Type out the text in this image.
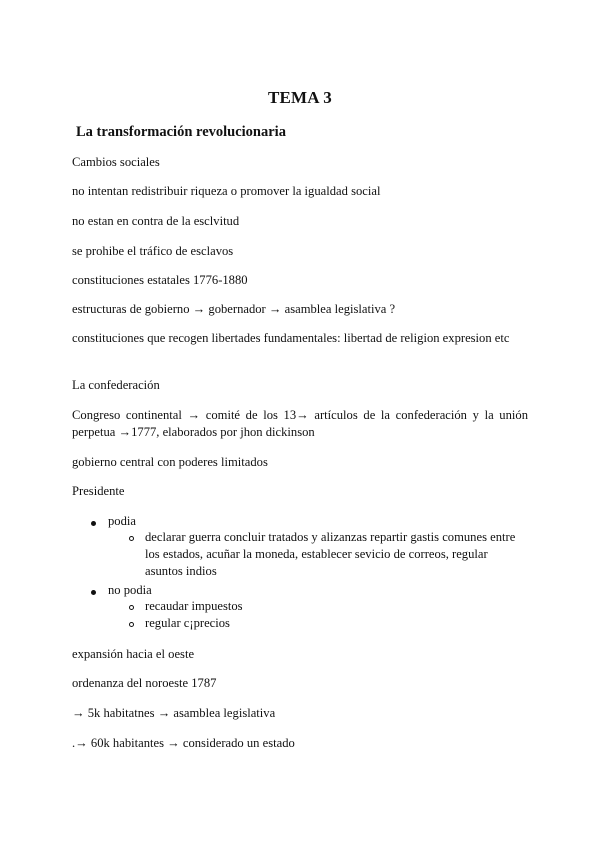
TEMA 3
La transformación revolucionaria
Cambios sociales
no intentan redistribuir riqueza o promover la igualdad social
no estan en contra de la esclvitud
se prohibe el tráfico de esclavos
constituciones estatales 1776-1880
estructuras de gobierno → gobernador → asamblea legislativa ?
constituciones que recogen libertades fundamentales: libertad de religion expresion etc
La confederación
Congreso continental → comité de los 13→ artículos de la confederación y la unión perpetua →1777, elaborados por jhon dickinson
gobierno central con poderes limitados
Presidente
podia
declarar guerra concluir tratados y alizanzas repartir gastis comunes entre los estados, acuñar la moneda, establecer sevicio de correos, regular asuntos indios
no podia
recaudar impuestos
regular c¡precios
expansión hacia el oeste
ordenanza del noroeste 1787
→ 5k habitatnes → asamblea legislativa
.→ 60k habitantes → considerado un estado
